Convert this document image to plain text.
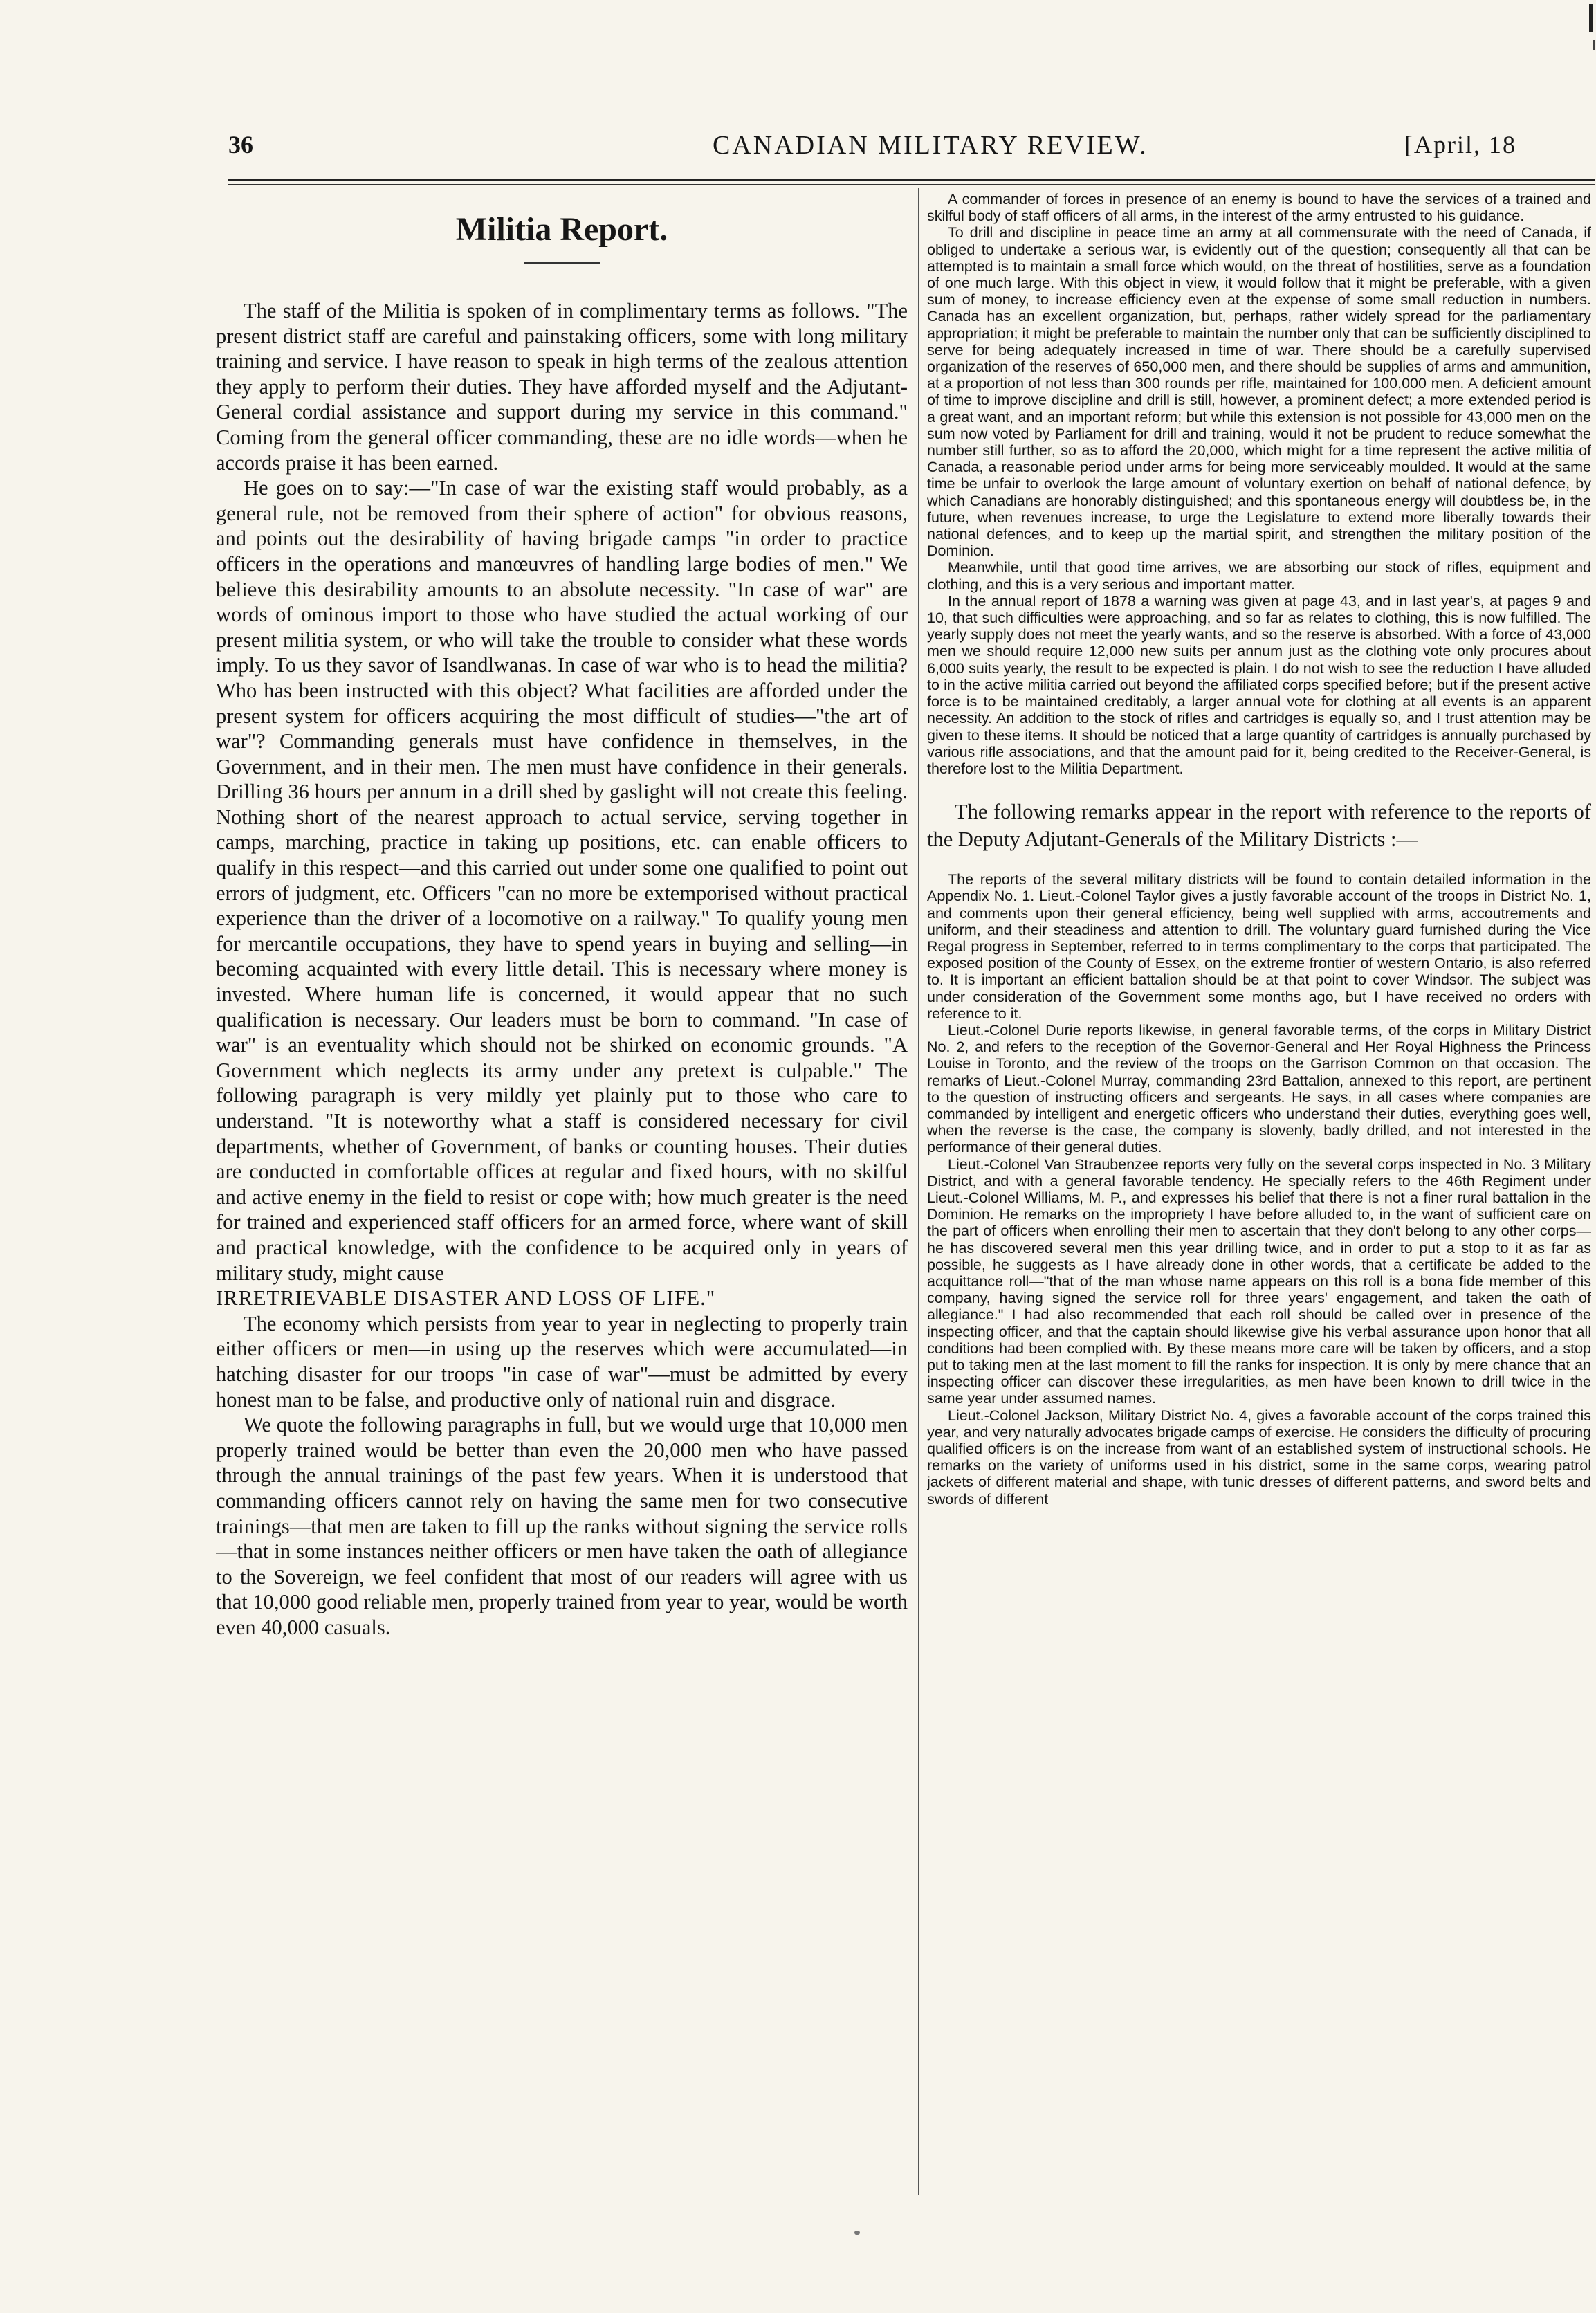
36	CANADIAN MILITARY REVIEW.	[April, 18
Militia Report.

The staff of the Militia is spoken of in complimentary terms as follows. "The present district staff are careful and painstaking officers, some with long military training and service. I have reason to speak in high terms of the zealous attention they apply to perform their duties. They have afforded myself and the Adjutant-General cordial assistance and support during my service in this command." Coming from the general officer commanding, these are no idle words—when he accords praise it has been earned.

He goes on to say:—"In case of war the existing staff would probably, as a general rule, not be removed from their sphere of action" for obvious reasons, and points out the desirability of having brigade camps "in order to practice officers in the operations and manœuvres of handling large bodies of men." We believe this desirability amounts to an absolute necessity. "In case of war" are words of ominous import to those who have studied the actual working of our present militia system, or who will take the trouble to consider what these words imply. To us they savor of Isandlwanas. In case of war who is to head the militia? Who has been instructed with this object? What facilities are afforded under the present system for officers acquiring the most difficult of studies—"the art of war"? Commanding generals must have confidence in themselves, in the Government, and in their men. The men must have confidence in their generals. Drilling 36 hours per annum in a drill shed by gaslight will not create this feeling. Nothing short of the nearest approach to actual service, serving together in camps, marching, practice in taking up positions, etc. can enable officers to qualify in this respect—and this carried out under some one qualified to point out errors of judgment, etc. Officers "can no more be extemporised without practical experience than the driver of a locomotive on a railway." To qualify young men for mercantile occupations, they have to spend years in buying and selling—in becoming acquainted with every little detail. This is necessary where money is invested. Where human life is concerned, it would appear that no such qualification is necessary. Our leaders must be born to command. "In case of war" is an eventuality which should not be shirked on economic grounds. "A Government which neglects its army under any pretext is culpable." The following paragraph is very mildly yet plainly put to those who care to understand. "It is noteworthy what a staff is considered necessary for civil departments, whether of Government, of banks or counting houses. Their duties are conducted in comfortable offices at regular and fixed hours, with no skilful and active enemy in the field to resist or cope with; how much greater is the need for trained and experienced staff officers for an armed force, where want of skill and practical knowledge, with the confidence to be acquired only in years of military study, might cause

IRRETRIEVABLE DISASTER AND LOSS OF LIFE."

The economy which persists from year to year in neglecting to properly train either officers or men—in using up the reserves which were accumulated—in hatching disaster for our troops "in case of war"—must be admitted by every honest man to be false, and productive only of national ruin and disgrace.

We quote the following paragraphs in full, but we would urge that 10,000 men properly trained would be better than even the 20,000 men who have passed through the annual trainings of the past few years. When it is understood that commanding officers cannot rely on having the same men for two consecutive trainings—that men are taken to fill up the ranks without signing the service rolls—that in some instances neither officers or men have taken the oath of allegiance to the Sovereign, we feel confident that most of our readers will agree with us that 10,000 good reliable men, properly trained from year to year, would be worth even 40,000 casuals.

A commander of forces in presence of an enemy is bound to have the services of a trained and skilful body of staff officers of all arms, in the interest of the army entrusted to his guidance.

To drill and discipline in peace time an army at all commensurate with the need of Canada, if obliged to undertake a serious war, is evidently out of the question; consequently all that can be attempted is to maintain a small force which would, on the threat of hostilities, serve as a foundation of one much large. With this object in view, it would follow that it might be preferable, with a given sum of money, to increase efficiency even at the expense of some small reduction in numbers. Canada has an excellent organization, but, perhaps, rather widely spread for the parliamentary appropriation; it might be preferable to maintain the number only that can be sufficiently disciplined to serve for being adequately increased in time of war. There should be a carefully supervised organization of the reserves of 650,000 men, and there should be supplies of arms and ammunition, at a proportion of not less than 300 rounds per rifle, maintained for 100,000 men. A deficient amount of time to improve discipline and drill is still, however, a prominent defect; a more extended period is a great want, and an important reform; but while this extension is not possible for 43,000 men on the sum now voted by Parliament for drill and training, would it not be prudent to reduce somewhat the number still further, so as to afford the 20,000, which might for a time represent the active militia of Canada, a reasonable period under arms for being more serviceably moulded. It would at the same time be unfair to overlook the large amount of voluntary exertion on behalf of national defence, by which Canadians are honorably distinguished; and this spontaneous energy will doubtless be, in the future, when revenues increase, to urge the Legislature to extend more liberally towards their national defences, and to keep up the martial spirit, and strengthen the military position of the Dominion.

Meanwhile, until that good time arrives, we are absorbing our stock of rifles, equipment and clothing, and this is a very serious and important matter.

In the annual report of 1878 a warning was given at page 43, and in last year's, at pages 9 and 10, that such difficulties were approaching, and so far as relates to clothing, this is now fulfilled. The yearly supply does not meet the yearly wants, and so the reserve is absorbed. With a force of 43,000 men we should require 12,000 new suits per annum just as the clothing vote only procures about 6,000 suits yearly, the result to be expected is plain. I do not wish to see the reduction I have alluded to in the active militia carried out beyond the affiliated corps specified before; but if the present active force is to be maintained creditably, a larger annual vote for clothing at all events is an apparent necessity. An addition to the stock of rifles and cartridges is equally so, and I trust attention may be given to these items. It should be noticed that a large quantity of cartridges is annually purchased by various rifle associations, and that the amount paid for it, being credited to the Receiver-General, is therefore lost to the Militia Department.

The following remarks appear in the report with reference to the reports of the Deputy Adjutant-Generals of the Military Districts :—

The reports of the several military districts will be found to contain detailed information in the Appendix No. 1. Lieut.-Colonel Taylor gives a justly favorable account of the troops in District No. 1, and comments upon their general efficiency, being well supplied with arms, accoutrements and uniform, and their steadiness and attention to drill. The voluntary guard furnished during the Vice Regal progress in September, referred to in terms complimentary to the corps that participated. The exposed position of the County of Essex, on the extreme frontier of western Ontario, is also referred to. It is important an efficient battalion should be at that point to cover Windsor. The subject was under consideration of the Government some months ago, but I have received no orders with reference to it.

Lieut.-Colonel Durie reports likewise, in general favorable terms, of the corps in Military District No. 2, and refers to the reception of the Governor-General and Her Royal Highness the Princess Louise in Toronto, and the review of the troops on the Garrison Common on that occasion. The remarks of Lieut.-Colonel Murray, commanding 23rd Battalion, annexed to this report, are pertinent to the question of instructing officers and sergeants. He says, in all cases where companies are commanded by intelligent and energetic officers who understand their duties, everything goes well, when the reverse is the case, the company is slovenly, badly drilled, and not interested in the performance of their general duties.

Lieut.-Colonel Van Straubenzee reports very fully on the several corps inspected in No. 3 Military District, and with a general favorable tendency. He specially refers to the 46th Regiment under Lieut.-Colonel Williams, M. P., and expresses his belief that there is not a finer rural battalion in the Dominion. He remarks on the impropriety I have before alluded to, in the want of sufficient care on the part of officers when enrolling their men to ascertain that they don't belong to any other corps—he has discovered several men this year drilling twice, and in order to put a stop to it as far as possible, he suggests as I have already done in other words, that a certificate be added to the acquittance roll—"that of the man whose name appears on this roll is a bona fide member of this company, having signed the service roll for three years' engagement, and taken the oath of allegiance." I had also recommended that each roll should be called over in presence of the inspecting officer, and that the captain should likewise give his verbal assurance upon honor that all conditions had been complied with. By these means more care will be taken by officers, and a stop put to taking men at the last moment to fill the ranks for inspection. It is only by mere chance that an inspecting officer can discover these irregularities, as men have been known to drill twice in the same year under assumed names.

Lieut.-Colonel Jackson, Military District No. 4, gives a favorable account of the corps trained this year, and very naturally advocates brigade camps of exercise. He considers the difficulty of procuring qualified officers is on the increase from want of an established system of instructional schools. He remarks on the variety of uniforms used in his district, some in the same corps, wearing patrol jackets of different material and shape, with tunic dresses of different patterns, and sword belts and swords of different
